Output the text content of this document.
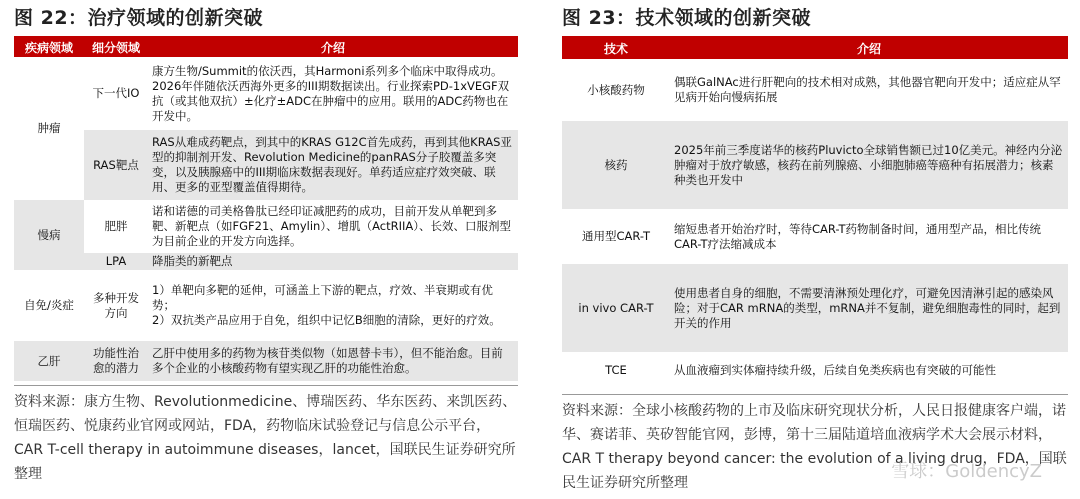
图 22：治疗领域的创新突破
疾病领域	细分领域	介绍
肿瘤	下一代IO	康方生物/Summit的依沃西，其Harmoni系列多个临床中取得成功。2026年伴随依沃西海外更多的III期数据读出。行业探索PD-1xVEGF双抗（或其他双抗）±化疗±ADC在肿瘤中的应用。联用的ADC药物也在开发中。
	RAS靶点	RAS从难成药靶点，到其中的KRAS G12C首先成药，再到其他KRAS亚型的抑制剂开发、Revolution Medicine的panRAS分子胶覆盖多突变，以及胰腺癌中的III期临床数据表现好。单药适应症疗效突破、联用、更多的亚型覆盖值得期待。
慢病	肥胖	诺和诺德的司美格鲁肽已经印证减肥药的成功，目前开发从单靶到多靶、新靶点（如FGF21、Amylin）、增肌（ActRIIA）、长效、口服剂型为目前企业的开发方向选择。
	LPA	降脂类的新靶点
自免/炎症	多种开发方向	1）单靶向多靶的延伸，可涵盖上下游的靶点，疗效、半衰期或有优势；
2）双抗类产品应用于自免，组织中记忆B细胞的清除，更好的疗效。
乙肝	功能性治愈的潜力	乙肝中使用多的药物为核苷类似物（如恩替卡韦），但不能治愈。目前多个企业的小核酸药物有望实现乙肝的功能性治愈。
资料来源：康方生物、Revolutionmedicine、博瑞医药、华东医药、来凯医药、恒瑞医药、悦康药业官网或网站，FDA，药物临床试验登记与信息公示平台，CAR T-cell therapy in autoimmune diseases，lancet，国联民生证券研究所整理
图 23：技术领域的创新突破
技术	介绍
小核酸药物	偶联GalNAc进行肝靶向的技术相对成熟，其他器官靶向开发中；适应症从罕见病开始向慢病拓展
核药	2025年前三季度诺华的核药Pluvicto全球销售额已过10亿美元。神经内分泌肿瘤对于放疗敏感，核药在前列腺癌、小细胞肺癌等癌种有拓展潜力；核素种类也开发中
通用型CAR-T	缩短患者开始治疗时，等待CAR-T药物制备时间，通用型产品，相比传统CAR-T疗法缩减成本
in vivo CAR-T	使用患者自身的细胞，不需要清淋预处理化疗，可避免因清淋引起的感染风险；对于CAR mRNA的类型，mRNA并不复制，避免细胞毒性的同时，起到开关的作用
TCE	从血液瘤到实体瘤持续升级，后续自免类疾病也有突破的可能性
资料来源：全球小核酸药物的上市及临床研究现状分析，人民日报健康客户端，诺华、赛诺菲、英矽智能官网，彭博，第十三届陆道培血液病学术大会展示材料，CAR T therapy beyond cancer: the evolution of a living drug，FDA，国联民生证券研究所整理
雪球：GoldencyZ
